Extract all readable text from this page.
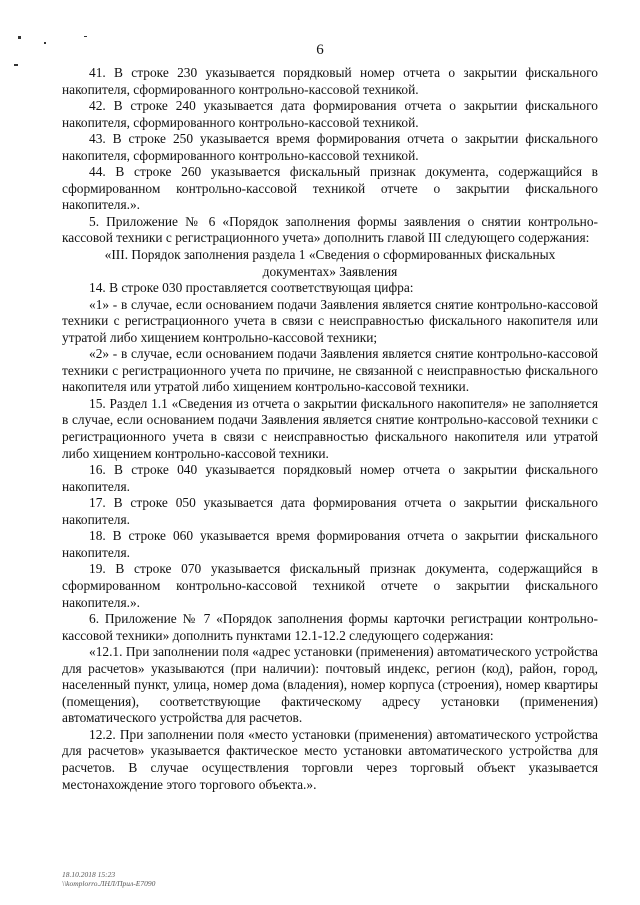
6

41. В строке 230 указывается порядковый номер отчета о закрытии фискального накопителя, сформированного контрольно-кассовой техникой.

42. В строке 240 указывается дата формирования отчета о закрытии фискального накопителя, сформированного контрольно-кассовой техникой.

43. В строке 250 указывается время формирования отчета о закрытии фискального накопителя, сформированного контрольно-кассовой техникой.

44. В строке 260 указывается фискальный признак документа, содержащийся в сформированном контрольно-кассовой техникой отчете о закрытии фискального накопителя.».

5. Приложение № 6 «Порядок заполнения формы заявления о снятии контрольно-кассовой техники с регистрационного учета» дополнить главой III следующего содержания:

«III. Порядок заполнения раздела 1 «Сведения о сформированных фискальных документах» Заявления

14. В строке 030 проставляется соответствующая цифра:

«1» - в случае, если основанием подачи Заявления является снятие контрольно-кассовой техники с регистрационного учета в связи с неисправностью фискального накопителя или утратой либо хищением контрольно-кассовой техники;

«2» - в случае, если основанием подачи Заявления является снятие контрольно-кассовой техники с регистрационного учета по причине, не связанной с неисправностью фискального накопителя или утратой либо хищением контрольно-кассовой техники.

15. Раздел 1.1 «Сведения из отчета о закрытии фискального накопителя» не заполняется в случае, если основанием подачи Заявления является снятие контрольно-кассовой техники с регистрационного учета в связи с неисправностью фискального накопителя или утратой либо хищением контрольно-кассовой техники.

16. В строке 040 указывается порядковый номер отчета о закрытии фискального накопителя.

17. В строке 050 указывается дата формирования отчета о закрытии фискального накопителя.

18. В строке 060 указывается время формирования отчета о закрытии фискального накопителя.

19. В строке 070 указывается фискальный признак документа, содержащийся в сформированном контрольно-кассовой техникой отчете о закрытии фискального накопителя.».

6. Приложение № 7 «Порядок заполнения формы карточки регистрации контрольно-кассовой техники» дополнить пунктами 12.1-12.2 следующего содержания:

«12.1. При заполнении поля «адрес установки (применения) автоматического устройства для расчетов» указываются (при наличии): почтовый индекс, регион (код), район, город, населенный пункт, улица, номер дома (владения), номер корпуса (строения), номер квартиры (помещения), соответствующие фактическому адресу установки (применения) автоматического устройства для расчетов.

12.2. При заполнении поля «место установки (применения) автоматического устройства для расчетов» указывается фактическое место установки автоматического устройства для расчетов. В случае осуществления торговли через торговый объект указывается местонахождение этого торгового объекта.».

18.10.2018 15:23
\\komplorro.ЛНЛ/Прил-Е7090
